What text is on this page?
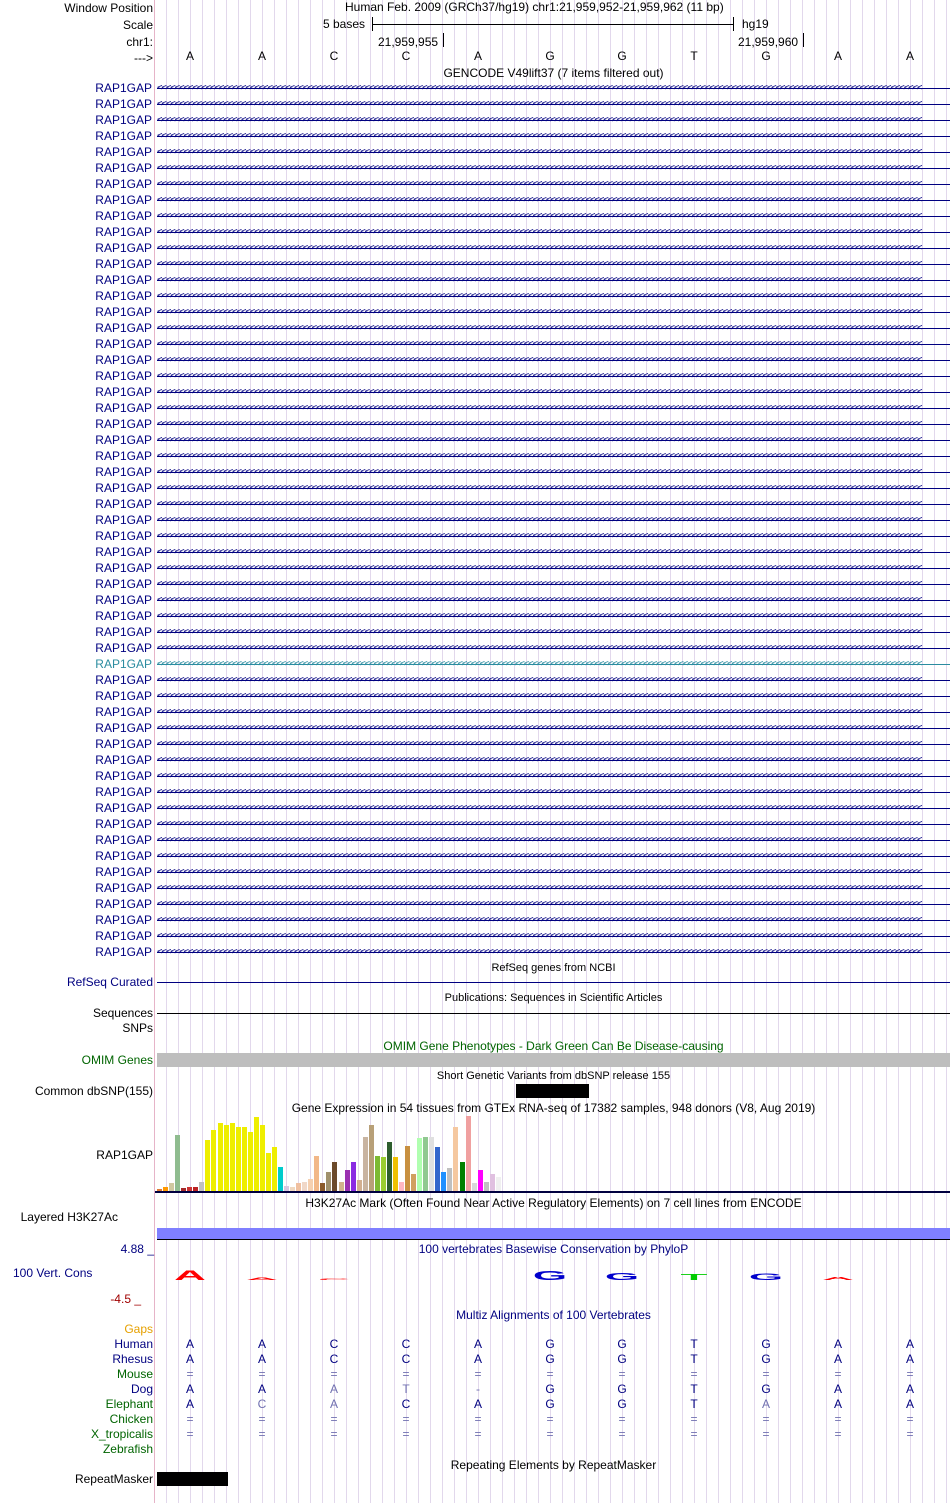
Window Position	Human Feb. 2009 (GRCh37/hg19) chr1:21,959,952-21,959,962 (11 bp)
Scale	5 bases	hg19
chr1:	21,959,955	21,959,960
--->	A	A	C	C	A	G	G	T	G	A	A
GENCODE V49lift37 (7 items filtered out)
RAP1GAP <<<<<<<<<<<<<<<<<<<<<<<<<<<<<<<<<<<<<<<<<<<<<<<<<<<<<<<<<<<<<<<<<<<<<<<<<<<<<<<<<<<<<<<<<<<<<<<<<<<<<<<<<<<<<<<<<<<<<<<<<<<<<<<<<<<<<<<<<<<<<<<<<<<<<<<<<<<<<<<<<<<<<<<<<<<<<
RAP1GAP <<<<<<<<<<<<<<<<<<<<<<<<<<<<<<<<<<<<<<<<<<<<<<<<<<<<<<<<<<<<<<<<<<<<<<<<<<<<<<<<<<<<<<<<<<<<<<<<<<<<<<<<<<<<<<<<<<<<<<<<<<<<<<<<<<<<<<<<<<<<<<<<<<<<<<<<<<<<<<<<<<<<<<<<<<<<<
RAP1GAP <<<<<<<<<<<<<<<<<<<<<<<<<<<<<<<<<<<<<<<<<<<<<<<<<<<<<<<<<<<<<<<<<<<<<<<<<<<<<<<<<<<<<<<<<<<<<<<<<<<<<<<<<<<<<<<<<<<<<<<<<<<<<<<<<<<<<<<<<<<<<<<<<<<<<<<<<<<<<<<<<<<<<<<<<<<<<
RAP1GAP <<<<<<<<<<<<<<<<<<<<<<<<<<<<<<<<<<<<<<<<<<<<<<<<<<<<<<<<<<<<<<<<<<<<<<<<<<<<<<<<<<<<<<<<<<<<<<<<<<<<<<<<<<<<<<<<<<<<<<<<<<<<<<<<<<<<<<<<<<<<<<<<<<<<<<<<<<<<<<<<<<<<<<<<<<<<<
RAP1GAP <<<<<<<<<<<<<<<<<<<<<<<<<<<<<<<<<<<<<<<<<<<<<<<<<<<<<<<<<<<<<<<<<<<<<<<<<<<<<<<<<<<<<<<<<<<<<<<<<<<<<<<<<<<<<<<<<<<<<<<<<<<<<<<<<<<<<<<<<<<<<<<<<<<<<<<<<<<<<<<<<<<<<<<<<<<<<
RAP1GAP <<<<<<<<<<<<<<<<<<<<<<<<<<<<<<<<<<<<<<<<<<<<<<<<<<<<<<<<<<<<<<<<<<<<<<<<<<<<<<<<<<<<<<<<<<<<<<<<<<<<<<<<<<<<<<<<<<<<<<<<<<<<<<<<<<<<<<<<<<<<<<<<<<<<<<<<<<<<<<<<<<<<<<<<<<<<<
RAP1GAP <<<<<<<<<<<<<<<<<<<<<<<<<<<<<<<<<<<<<<<<<<<<<<<<<<<<<<<<<<<<<<<<<<<<<<<<<<<<<<<<<<<<<<<<<<<<<<<<<<<<<<<<<<<<<<<<<<<<<<<<<<<<<<<<<<<<<<<<<<<<<<<<<<<<<<<<<<<<<<<<<<<<<<<<<<<<<
RAP1GAP <<<<<<<<<<<<<<<<<<<<<<<<<<<<<<<<<<<<<<<<<<<<<<<<<<<<<<<<<<<<<<<<<<<<<<<<<<<<<<<<<<<<<<<<<<<<<<<<<<<<<<<<<<<<<<<<<<<<<<<<<<<<<<<<<<<<<<<<<<<<<<<<<<<<<<<<<<<<<<<<<<<<<<<<<<<<<
RAP1GAP <<<<<<<<<<<<<<<<<<<<<<<<<<<<<<<<<<<<<<<<<<<<<<<<<<<<<<<<<<<<<<<<<<<<<<<<<<<<<<<<<<<<<<<<<<<<<<<<<<<<<<<<<<<<<<<<<<<<<<<<<<<<<<<<<<<<<<<<<<<<<<<<<<<<<<<<<<<<<<<<<<<<<<<<<<<<<
RAP1GAP <<<<<<<<<<<<<<<<<<<<<<<<<<<<<<<<<<<<<<<<<<<<<<<<<<<<<<<<<<<<<<<<<<<<<<<<<<<<<<<<<<<<<<<<<<<<<<<<<<<<<<<<<<<<<<<<<<<<<<<<<<<<<<<<<<<<<<<<<<<<<<<<<<<<<<<<<<<<<<<<<<<<<<<<<<<<<
RAP1GAP <<<<<<<<<<<<<<<<<<<<<<<<<<<<<<<<<<<<<<<<<<<<<<<<<<<<<<<<<<<<<<<<<<<<<<<<<<<<<<<<<<<<<<<<<<<<<<<<<<<<<<<<<<<<<<<<<<<<<<<<<<<<<<<<<<<<<<<<<<<<<<<<<<<<<<<<<<<<<<<<<<<<<<<<<<<<<
RAP1GAP <<<<<<<<<<<<<<<<<<<<<<<<<<<<<<<<<<<<<<<<<<<<<<<<<<<<<<<<<<<<<<<<<<<<<<<<<<<<<<<<<<<<<<<<<<<<<<<<<<<<<<<<<<<<<<<<<<<<<<<<<<<<<<<<<<<<<<<<<<<<<<<<<<<<<<<<<<<<<<<<<<<<<<<<<<<<<
RAP1GAP <<<<<<<<<<<<<<<<<<<<<<<<<<<<<<<<<<<<<<<<<<<<<<<<<<<<<<<<<<<<<<<<<<<<<<<<<<<<<<<<<<<<<<<<<<<<<<<<<<<<<<<<<<<<<<<<<<<<<<<<<<<<<<<<<<<<<<<<<<<<<<<<<<<<<<<<<<<<<<<<<<<<<<<<<<<<<
RAP1GAP <<<<<<<<<<<<<<<<<<<<<<<<<<<<<<<<<<<<<<<<<<<<<<<<<<<<<<<<<<<<<<<<<<<<<<<<<<<<<<<<<<<<<<<<<<<<<<<<<<<<<<<<<<<<<<<<<<<<<<<<<<<<<<<<<<<<<<<<<<<<<<<<<<<<<<<<<<<<<<<<<<<<<<<<<<<<<
RAP1GAP <<<<<<<<<<<<<<<<<<<<<<<<<<<<<<<<<<<<<<<<<<<<<<<<<<<<<<<<<<<<<<<<<<<<<<<<<<<<<<<<<<<<<<<<<<<<<<<<<<<<<<<<<<<<<<<<<<<<<<<<<<<<<<<<<<<<<<<<<<<<<<<<<<<<<<<<<<<<<<<<<<<<<<<<<<<<<
RAP1GAP <<<<<<<<<<<<<<<<<<<<<<<<<<<<<<<<<<<<<<<<<<<<<<<<<<<<<<<<<<<<<<<<<<<<<<<<<<<<<<<<<<<<<<<<<<<<<<<<<<<<<<<<<<<<<<<<<<<<<<<<<<<<<<<<<<<<<<<<<<<<<<<<<<<<<<<<<<<<<<<<<<<<<<<<<<<<<
RAP1GAP <<<<<<<<<<<<<<<<<<<<<<<<<<<<<<<<<<<<<<<<<<<<<<<<<<<<<<<<<<<<<<<<<<<<<<<<<<<<<<<<<<<<<<<<<<<<<<<<<<<<<<<<<<<<<<<<<<<<<<<<<<<<<<<<<<<<<<<<<<<<<<<<<<<<<<<<<<<<<<<<<<<<<<<<<<<<<
RAP1GAP <<<<<<<<<<<<<<<<<<<<<<<<<<<<<<<<<<<<<<<<<<<<<<<<<<<<<<<<<<<<<<<<<<<<<<<<<<<<<<<<<<<<<<<<<<<<<<<<<<<<<<<<<<<<<<<<<<<<<<<<<<<<<<<<<<<<<<<<<<<<<<<<<<<<<<<<<<<<<<<<<<<<<<<<<<<<<
RAP1GAP <<<<<<<<<<<<<<<<<<<<<<<<<<<<<<<<<<<<<<<<<<<<<<<<<<<<<<<<<<<<<<<<<<<<<<<<<<<<<<<<<<<<<<<<<<<<<<<<<<<<<<<<<<<<<<<<<<<<<<<<<<<<<<<<<<<<<<<<<<<<<<<<<<<<<<<<<<<<<<<<<<<<<<<<<<<<<
RAP1GAP <<<<<<<<<<<<<<<<<<<<<<<<<<<<<<<<<<<<<<<<<<<<<<<<<<<<<<<<<<<<<<<<<<<<<<<<<<<<<<<<<<<<<<<<<<<<<<<<<<<<<<<<<<<<<<<<<<<<<<<<<<<<<<<<<<<<<<<<<<<<<<<<<<<<<<<<<<<<<<<<<<<<<<<<<<<<<
RAP1GAP <<<<<<<<<<<<<<<<<<<<<<<<<<<<<<<<<<<<<<<<<<<<<<<<<<<<<<<<<<<<<<<<<<<<<<<<<<<<<<<<<<<<<<<<<<<<<<<<<<<<<<<<<<<<<<<<<<<<<<<<<<<<<<<<<<<<<<<<<<<<<<<<<<<<<<<<<<<<<<<<<<<<<<<<<<<<<
RAP1GAP <<<<<<<<<<<<<<<<<<<<<<<<<<<<<<<<<<<<<<<<<<<<<<<<<<<<<<<<<<<<<<<<<<<<<<<<<<<<<<<<<<<<<<<<<<<<<<<<<<<<<<<<<<<<<<<<<<<<<<<<<<<<<<<<<<<<<<<<<<<<<<<<<<<<<<<<<<<<<<<<<<<<<<<<<<<<<
RAP1GAP <<<<<<<<<<<<<<<<<<<<<<<<<<<<<<<<<<<<<<<<<<<<<<<<<<<<<<<<<<<<<<<<<<<<<<<<<<<<<<<<<<<<<<<<<<<<<<<<<<<<<<<<<<<<<<<<<<<<<<<<<<<<<<<<<<<<<<<<<<<<<<<<<<<<<<<<<<<<<<<<<<<<<<<<<<<<<
RAP1GAP <<<<<<<<<<<<<<<<<<<<<<<<<<<<<<<<<<<<<<<<<<<<<<<<<<<<<<<<<<<<<<<<<<<<<<<<<<<<<<<<<<<<<<<<<<<<<<<<<<<<<<<<<<<<<<<<<<<<<<<<<<<<<<<<<<<<<<<<<<<<<<<<<<<<<<<<<<<<<<<<<<<<<<<<<<<<<
RAP1GAP <<<<<<<<<<<<<<<<<<<<<<<<<<<<<<<<<<<<<<<<<<<<<<<<<<<<<<<<<<<<<<<<<<<<<<<<<<<<<<<<<<<<<<<<<<<<<<<<<<<<<<<<<<<<<<<<<<<<<<<<<<<<<<<<<<<<<<<<<<<<<<<<<<<<<<<<<<<<<<<<<<<<<<<<<<<<<
RAP1GAP <<<<<<<<<<<<<<<<<<<<<<<<<<<<<<<<<<<<<<<<<<<<<<<<<<<<<<<<<<<<<<<<<<<<<<<<<<<<<<<<<<<<<<<<<<<<<<<<<<<<<<<<<<<<<<<<<<<<<<<<<<<<<<<<<<<<<<<<<<<<<<<<<<<<<<<<<<<<<<<<<<<<<<<<<<<<<
RAP1GAP <<<<<<<<<<<<<<<<<<<<<<<<<<<<<<<<<<<<<<<<<<<<<<<<<<<<<<<<<<<<<<<<<<<<<<<<<<<<<<<<<<<<<<<<<<<<<<<<<<<<<<<<<<<<<<<<<<<<<<<<<<<<<<<<<<<<<<<<<<<<<<<<<<<<<<<<<<<<<<<<<<<<<<<<<<<<<
RAP1GAP <<<<<<<<<<<<<<<<<<<<<<<<<<<<<<<<<<<<<<<<<<<<<<<<<<<<<<<<<<<<<<<<<<<<<<<<<<<<<<<<<<<<<<<<<<<<<<<<<<<<<<<<<<<<<<<<<<<<<<<<<<<<<<<<<<<<<<<<<<<<<<<<<<<<<<<<<<<<<<<<<<<<<<<<<<<<<
RAP1GAP <<<<<<<<<<<<<<<<<<<<<<<<<<<<<<<<<<<<<<<<<<<<<<<<<<<<<<<<<<<<<<<<<<<<<<<<<<<<<<<<<<<<<<<<<<<<<<<<<<<<<<<<<<<<<<<<<<<<<<<<<<<<<<<<<<<<<<<<<<<<<<<<<<<<<<<<<<<<<<<<<<<<<<<<<<<<<
RAP1GAP <<<<<<<<<<<<<<<<<<<<<<<<<<<<<<<<<<<<<<<<<<<<<<<<<<<<<<<<<<<<<<<<<<<<<<<<<<<<<<<<<<<<<<<<<<<<<<<<<<<<<<<<<<<<<<<<<<<<<<<<<<<<<<<<<<<<<<<<<<<<<<<<<<<<<<<<<<<<<<<<<<<<<<<<<<<<<
RAP1GAP <<<<<<<<<<<<<<<<<<<<<<<<<<<<<<<<<<<<<<<<<<<<<<<<<<<<<<<<<<<<<<<<<<<<<<<<<<<<<<<<<<<<<<<<<<<<<<<<<<<<<<<<<<<<<<<<<<<<<<<<<<<<<<<<<<<<<<<<<<<<<<<<<<<<<<<<<<<<<<<<<<<<<<<<<<<<<
RAP1GAP <<<<<<<<<<<<<<<<<<<<<<<<<<<<<<<<<<<<<<<<<<<<<<<<<<<<<<<<<<<<<<<<<<<<<<<<<<<<<<<<<<<<<<<<<<<<<<<<<<<<<<<<<<<<<<<<<<<<<<<<<<<<<<<<<<<<<<<<<<<<<<<<<<<<<<<<<<<<<<<<<<<<<<<<<<<<<
RAP1GAP <<<<<<<<<<<<<<<<<<<<<<<<<<<<<<<<<<<<<<<<<<<<<<<<<<<<<<<<<<<<<<<<<<<<<<<<<<<<<<<<<<<<<<<<<<<<<<<<<<<<<<<<<<<<<<<<<<<<<<<<<<<<<<<<<<<<<<<<<<<<<<<<<<<<<<<<<<<<<<<<<<<<<<<<<<<<<
RAP1GAP <<<<<<<<<<<<<<<<<<<<<<<<<<<<<<<<<<<<<<<<<<<<<<<<<<<<<<<<<<<<<<<<<<<<<<<<<<<<<<<<<<<<<<<<<<<<<<<<<<<<<<<<<<<<<<<<<<<<<<<<<<<<<<<<<<<<<<<<<<<<<<<<<<<<<<<<<<<<<<<<<<<<<<<<<<<<<
RAP1GAP <<<<<<<<<<<<<<<<<<<<<<<<<<<<<<<<<<<<<<<<<<<<<<<<<<<<<<<<<<<<<<<<<<<<<<<<<<<<<<<<<<<<<<<<<<<<<<<<<<<<<<<<<<<<<<<<<<<<<<<<<<<<<<<<<<<<<<<<<<<<<<<<<<<<<<<<<<<<<<<<<<<<<<<<<<<<<
RAP1GAP <<<<<<<<<<<<<<<<<<<<<<<<<<<<<<<<<<<<<<<<<<<<<<<<<<<<<<<<<<<<<<<<<<<<<<<<<<<<<<<<<<<<<<<<<<<<<<<<<<<<<<<<<<<<<<<<<<<<<<<<<<<<<<<<<<<<<<<<<<<<<<<<<<<<<<<<<<<<<<<<<<<<<<<<<<<<<
RAP1GAP <<<<<<<<<<<<<<<<<<<<<<<<<<<<<<<<<<<<<<<<<<<<<<<<<<<<<<<<<<<<<<<<<<<<<<<<<<<<<<<<<<<<<<<<<<<<<<<<<<<<<<<<<<<<<<<<<<<<<<<<<<<<<<<<<<<<<<<<<<<<<<<<<<<<<<<<<<<<<<<<<<<<<<<<<<<<<
RAP1GAP <<<<<<<<<<<<<<<<<<<<<<<<<<<<<<<<<<<<<<<<<<<<<<<<<<<<<<<<<<<<<<<<<<<<<<<<<<<<<<<<<<<<<<<<<<<<<<<<<<<<<<<<<<<<<<<<<<<<<<<<<<<<<<<<<<<<<<<<<<<<<<<<<<<<<<<<<<<<<<<<<<<<<<<<<<<<<
RAP1GAP <<<<<<<<<<<<<<<<<<<<<<<<<<<<<<<<<<<<<<<<<<<<<<<<<<<<<<<<<<<<<<<<<<<<<<<<<<<<<<<<<<<<<<<<<<<<<<<<<<<<<<<<<<<<<<<<<<<<<<<<<<<<<<<<<<<<<<<<<<<<<<<<<<<<<<<<<<<<<<<<<<<<<<<<<<<<<
RAP1GAP <<<<<<<<<<<<<<<<<<<<<<<<<<<<<<<<<<<<<<<<<<<<<<<<<<<<<<<<<<<<<<<<<<<<<<<<<<<<<<<<<<<<<<<<<<<<<<<<<<<<<<<<<<<<<<<<<<<<<<<<<<<<<<<<<<<<<<<<<<<<<<<<<<<<<<<<<<<<<<<<<<<<<<<<<<<<<
RAP1GAP <<<<<<<<<<<<<<<<<<<<<<<<<<<<<<<<<<<<<<<<<<<<<<<<<<<<<<<<<<<<<<<<<<<<<<<<<<<<<<<<<<<<<<<<<<<<<<<<<<<<<<<<<<<<<<<<<<<<<<<<<<<<<<<<<<<<<<<<<<<<<<<<<<<<<<<<<<<<<<<<<<<<<<<<<<<<<
RAP1GAP <<<<<<<<<<<<<<<<<<<<<<<<<<<<<<<<<<<<<<<<<<<<<<<<<<<<<<<<<<<<<<<<<<<<<<<<<<<<<<<<<<<<<<<<<<<<<<<<<<<<<<<<<<<<<<<<<<<<<<<<<<<<<<<<<<<<<<<<<<<<<<<<<<<<<<<<<<<<<<<<<<<<<<<<<<<<<
RAP1GAP <<<<<<<<<<<<<<<<<<<<<<<<<<<<<<<<<<<<<<<<<<<<<<<<<<<<<<<<<<<<<<<<<<<<<<<<<<<<<<<<<<<<<<<<<<<<<<<<<<<<<<<<<<<<<<<<<<<<<<<<<<<<<<<<<<<<<<<<<<<<<<<<<<<<<<<<<<<<<<<<<<<<<<<<<<<<<
RAP1GAP <<<<<<<<<<<<<<<<<<<<<<<<<<<<<<<<<<<<<<<<<<<<<<<<<<<<<<<<<<<<<<<<<<<<<<<<<<<<<<<<<<<<<<<<<<<<<<<<<<<<<<<<<<<<<<<<<<<<<<<<<<<<<<<<<<<<<<<<<<<<<<<<<<<<<<<<<<<<<<<<<<<<<<<<<<<<<
RAP1GAP <<<<<<<<<<<<<<<<<<<<<<<<<<<<<<<<<<<<<<<<<<<<<<<<<<<<<<<<<<<<<<<<<<<<<<<<<<<<<<<<<<<<<<<<<<<<<<<<<<<<<<<<<<<<<<<<<<<<<<<<<<<<<<<<<<<<<<<<<<<<<<<<<<<<<<<<<<<<<<<<<<<<<<<<<<<<<
RAP1GAP <<<<<<<<<<<<<<<<<<<<<<<<<<<<<<<<<<<<<<<<<<<<<<<<<<<<<<<<<<<<<<<<<<<<<<<<<<<<<<<<<<<<<<<<<<<<<<<<<<<<<<<<<<<<<<<<<<<<<<<<<<<<<<<<<<<<<<<<<<<<<<<<<<<<<<<<<<<<<<<<<<<<<<<<<<<<<
RAP1GAP <<<<<<<<<<<<<<<<<<<<<<<<<<<<<<<<<<<<<<<<<<<<<<<<<<<<<<<<<<<<<<<<<<<<<<<<<<<<<<<<<<<<<<<<<<<<<<<<<<<<<<<<<<<<<<<<<<<<<<<<<<<<<<<<<<<<<<<<<<<<<<<<<<<<<<<<<<<<<<<<<<<<<<<<<<<<<
RAP1GAP <<<<<<<<<<<<<<<<<<<<<<<<<<<<<<<<<<<<<<<<<<<<<<<<<<<<<<<<<<<<<<<<<<<<<<<<<<<<<<<<<<<<<<<<<<<<<<<<<<<<<<<<<<<<<<<<<<<<<<<<<<<<<<<<<<<<<<<<<<<<<<<<<<<<<<<<<<<<<<<<<<<<<<<<<<<<<
RAP1GAP <<<<<<<<<<<<<<<<<<<<<<<<<<<<<<<<<<<<<<<<<<<<<<<<<<<<<<<<<<<<<<<<<<<<<<<<<<<<<<<<<<<<<<<<<<<<<<<<<<<<<<<<<<<<<<<<<<<<<<<<<<<<<<<<<<<<<<<<<<<<<<<<<<<<<<<<<<<<<<<<<<<<<<<<<<<<<
RAP1GAP <<<<<<<<<<<<<<<<<<<<<<<<<<<<<<<<<<<<<<<<<<<<<<<<<<<<<<<<<<<<<<<<<<<<<<<<<<<<<<<<<<<<<<<<<<<<<<<<<<<<<<<<<<<<<<<<<<<<<<<<<<<<<<<<<<<<<<<<<<<<<<<<<<<<<<<<<<<<<<<<<<<<<<<<<<<<<
RAP1GAP <<<<<<<<<<<<<<<<<<<<<<<<<<<<<<<<<<<<<<<<<<<<<<<<<<<<<<<<<<<<<<<<<<<<<<<<<<<<<<<<<<<<<<<<<<<<<<<<<<<<<<<<<<<<<<<<<<<<<<<<<<<<<<<<<<<<<<<<<<<<<<<<<<<<<<<<<<<<<<<<<<<<<<<<<<<<<
RAP1GAP <<<<<<<<<<<<<<<<<<<<<<<<<<<<<<<<<<<<<<<<<<<<<<<<<<<<<<<<<<<<<<<<<<<<<<<<<<<<<<<<<<<<<<<<<<<<<<<<<<<<<<<<<<<<<<<<<<<<<<<<<<<<<<<<<<<<<<<<<<<<<<<<<<<<<<<<<<<<<<<<<<<<<<<<<<<<<
RAP1GAP <<<<<<<<<<<<<<<<<<<<<<<<<<<<<<<<<<<<<<<<<<<<<<<<<<<<<<<<<<<<<<<<<<<<<<<<<<<<<<<<<<<<<<<<<<<<<<<<<<<<<<<<<<<<<<<<<<<<<<<<<<<<<<<<<<<<<<<<<<<<<<<<<<<<<<<<<<<<<<<<<<<<<<<<<<<<<
RAP1GAP <<<<<<<<<<<<<<<<<<<<<<<<<<<<<<<<<<<<<<<<<<<<<<<<<<<<<<<<<<<<<<<<<<<<<<<<<<<<<<<<<<<<<<<<<<<<<<<<<<<<<<<<<<<<<<<<<<<<<<<<<<<<<<<<<<<<<<<<<<<<<<<<<<<<<<<<<<<<<<<<<<<<<<<<<<<<<
RAP1GAP <<<<<<<<<<<<<<<<<<<<<<<<<<<<<<<<<<<<<<<<<<<<<<<<<<<<<<<<<<<<<<<<<<<<<<<<<<<<<<<<<<<<<<<<<<<<<<<<<<<<<<<<<<<<<<<<<<<<<<<<<<<<<<<<<<<<<<<<<<<<<<<<<<<<<<<<<<<<<<<<<<<<<<<<<<<<<
RefSeq genes from NCBI
RefSeq Curated
Publications: Sequences in Scientific Articles
Sequences
SNPs
OMIM Gene Phenotypes - Dark Green Can Be Disease-causing
OMIM Genes
Short Genetic Variants from dbSNP release 155
Common dbSNP(155)
Gene Expression in 54 tissues from GTEx RNA-seq of 17382 samples, 948 donors (V8, Aug 2019)
RAP1GAP
H3K27Ac Mark (Often Found Near Active Regulatory Elements) on 7 cell lines from ENCODE
Layered H3K27Ac
4.88 _	100 vertebrates Basewise Conservation by PhyloP
100 Vert. Cons	A A C	G G T G A
-4.5 _
Multiz Alignments of 100 Vertebrates
Gaps
Human	A	A	C	C	A	G	G	T	G	A	A
Rhesus	A	A	C	C	A	G	G	T	G	A	A
Mouse	=	=	=	=	=	=	=	=	=	=	=
Dog	A	A	A	T	-	G	G	T	G	A	A
Elephant	A	C	A	C	A	G	G	T	A	A	A
Chicken	=	=	=	=	=	=	=	=	=	=	=
X_tropicalis	=	=	=	=	=	=	=	=	=	=	=
Zebrafish
Repeating Elements by RepeatMasker
RepeatMasker
